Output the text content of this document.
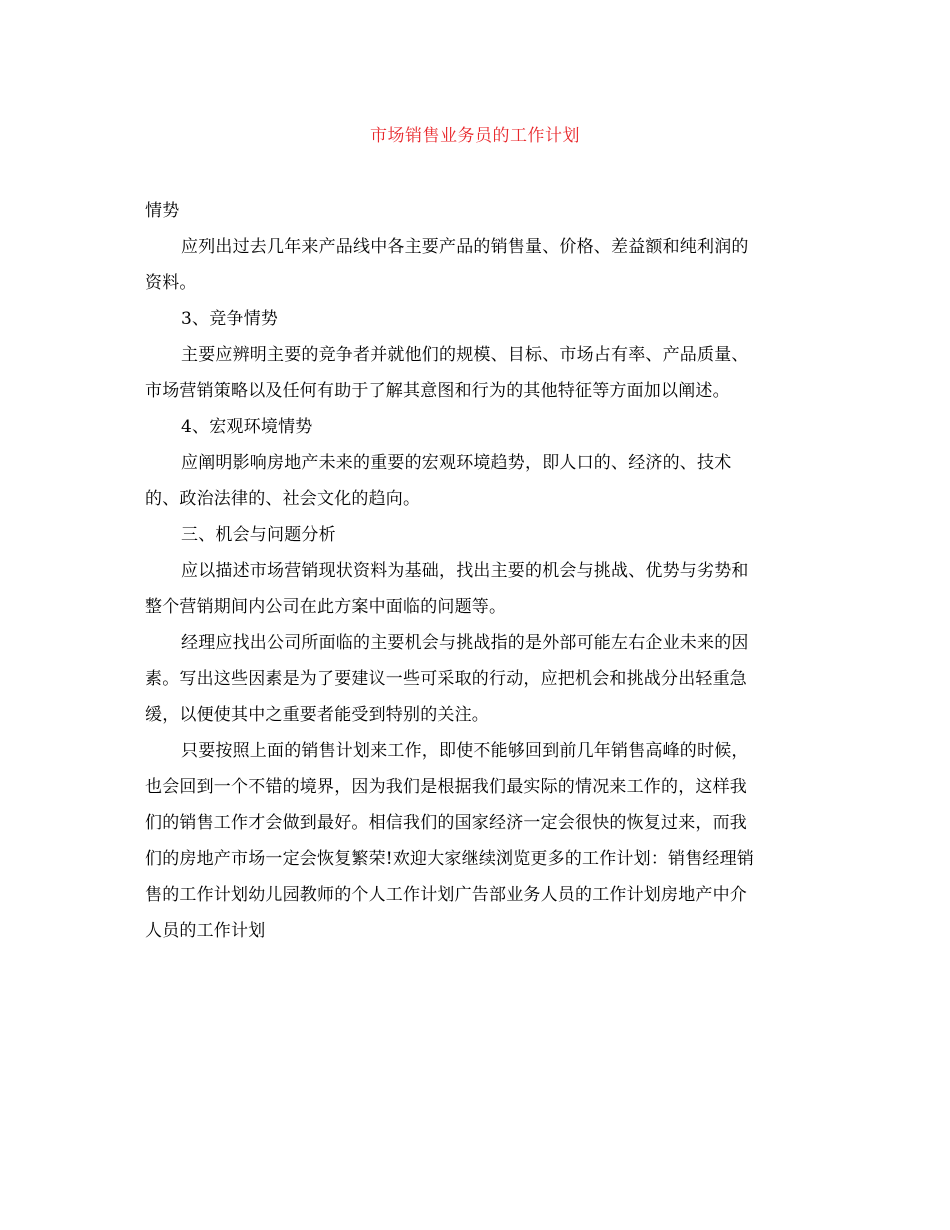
市场销售业务员的工作计划
情势
应列出过去几年来产品线中各主要产品的销售量、价格、差益额和纯利润的
资料。
3、竞争情势
主要应辨明主要的竞争者并就他们的规模、目标、市场占有率、产品质量、
市场营销策略以及任何有助于了解其意图和行为的其他特征等方面加以阐述。
4、宏观环境情势
应阐明影响房地产未来的重要的宏观环境趋势，即人口的、经济的、技术
的、政治法律的、社会文化的趋向。
三、机会与问题分析
应以描述市场营销现状资料为基础，找出主要的机会与挑战、优势与劣势和
整个营销期间内公司在此方案中面临的问题等。
经理应找出公司所面临的主要机会与挑战指的是外部可能左右企业未来的因
素。写出这些因素是为了要建议一些可采取的行动，应把机会和挑战分出轻重急
缓，以便使其中之重要者能受到特别的关注。
只要按照上面的销售计划来工作，即使不能够回到前几年销售高峰的时候，
也会回到一个不错的境界，因为我们是根据我们最实际的情况来工作的，这样我
们的销售工作才会做到最好。相信我们的国家经济一定会很快的恢复过来，而我
们的房地产市场一定会恢复繁荣!欢迎大家继续浏览更多的工作计划：销售经理销
售的工作计划幼儿园教师的个人工作计划广告部业务人员的工作计划房地产中介
人员的工作计划
